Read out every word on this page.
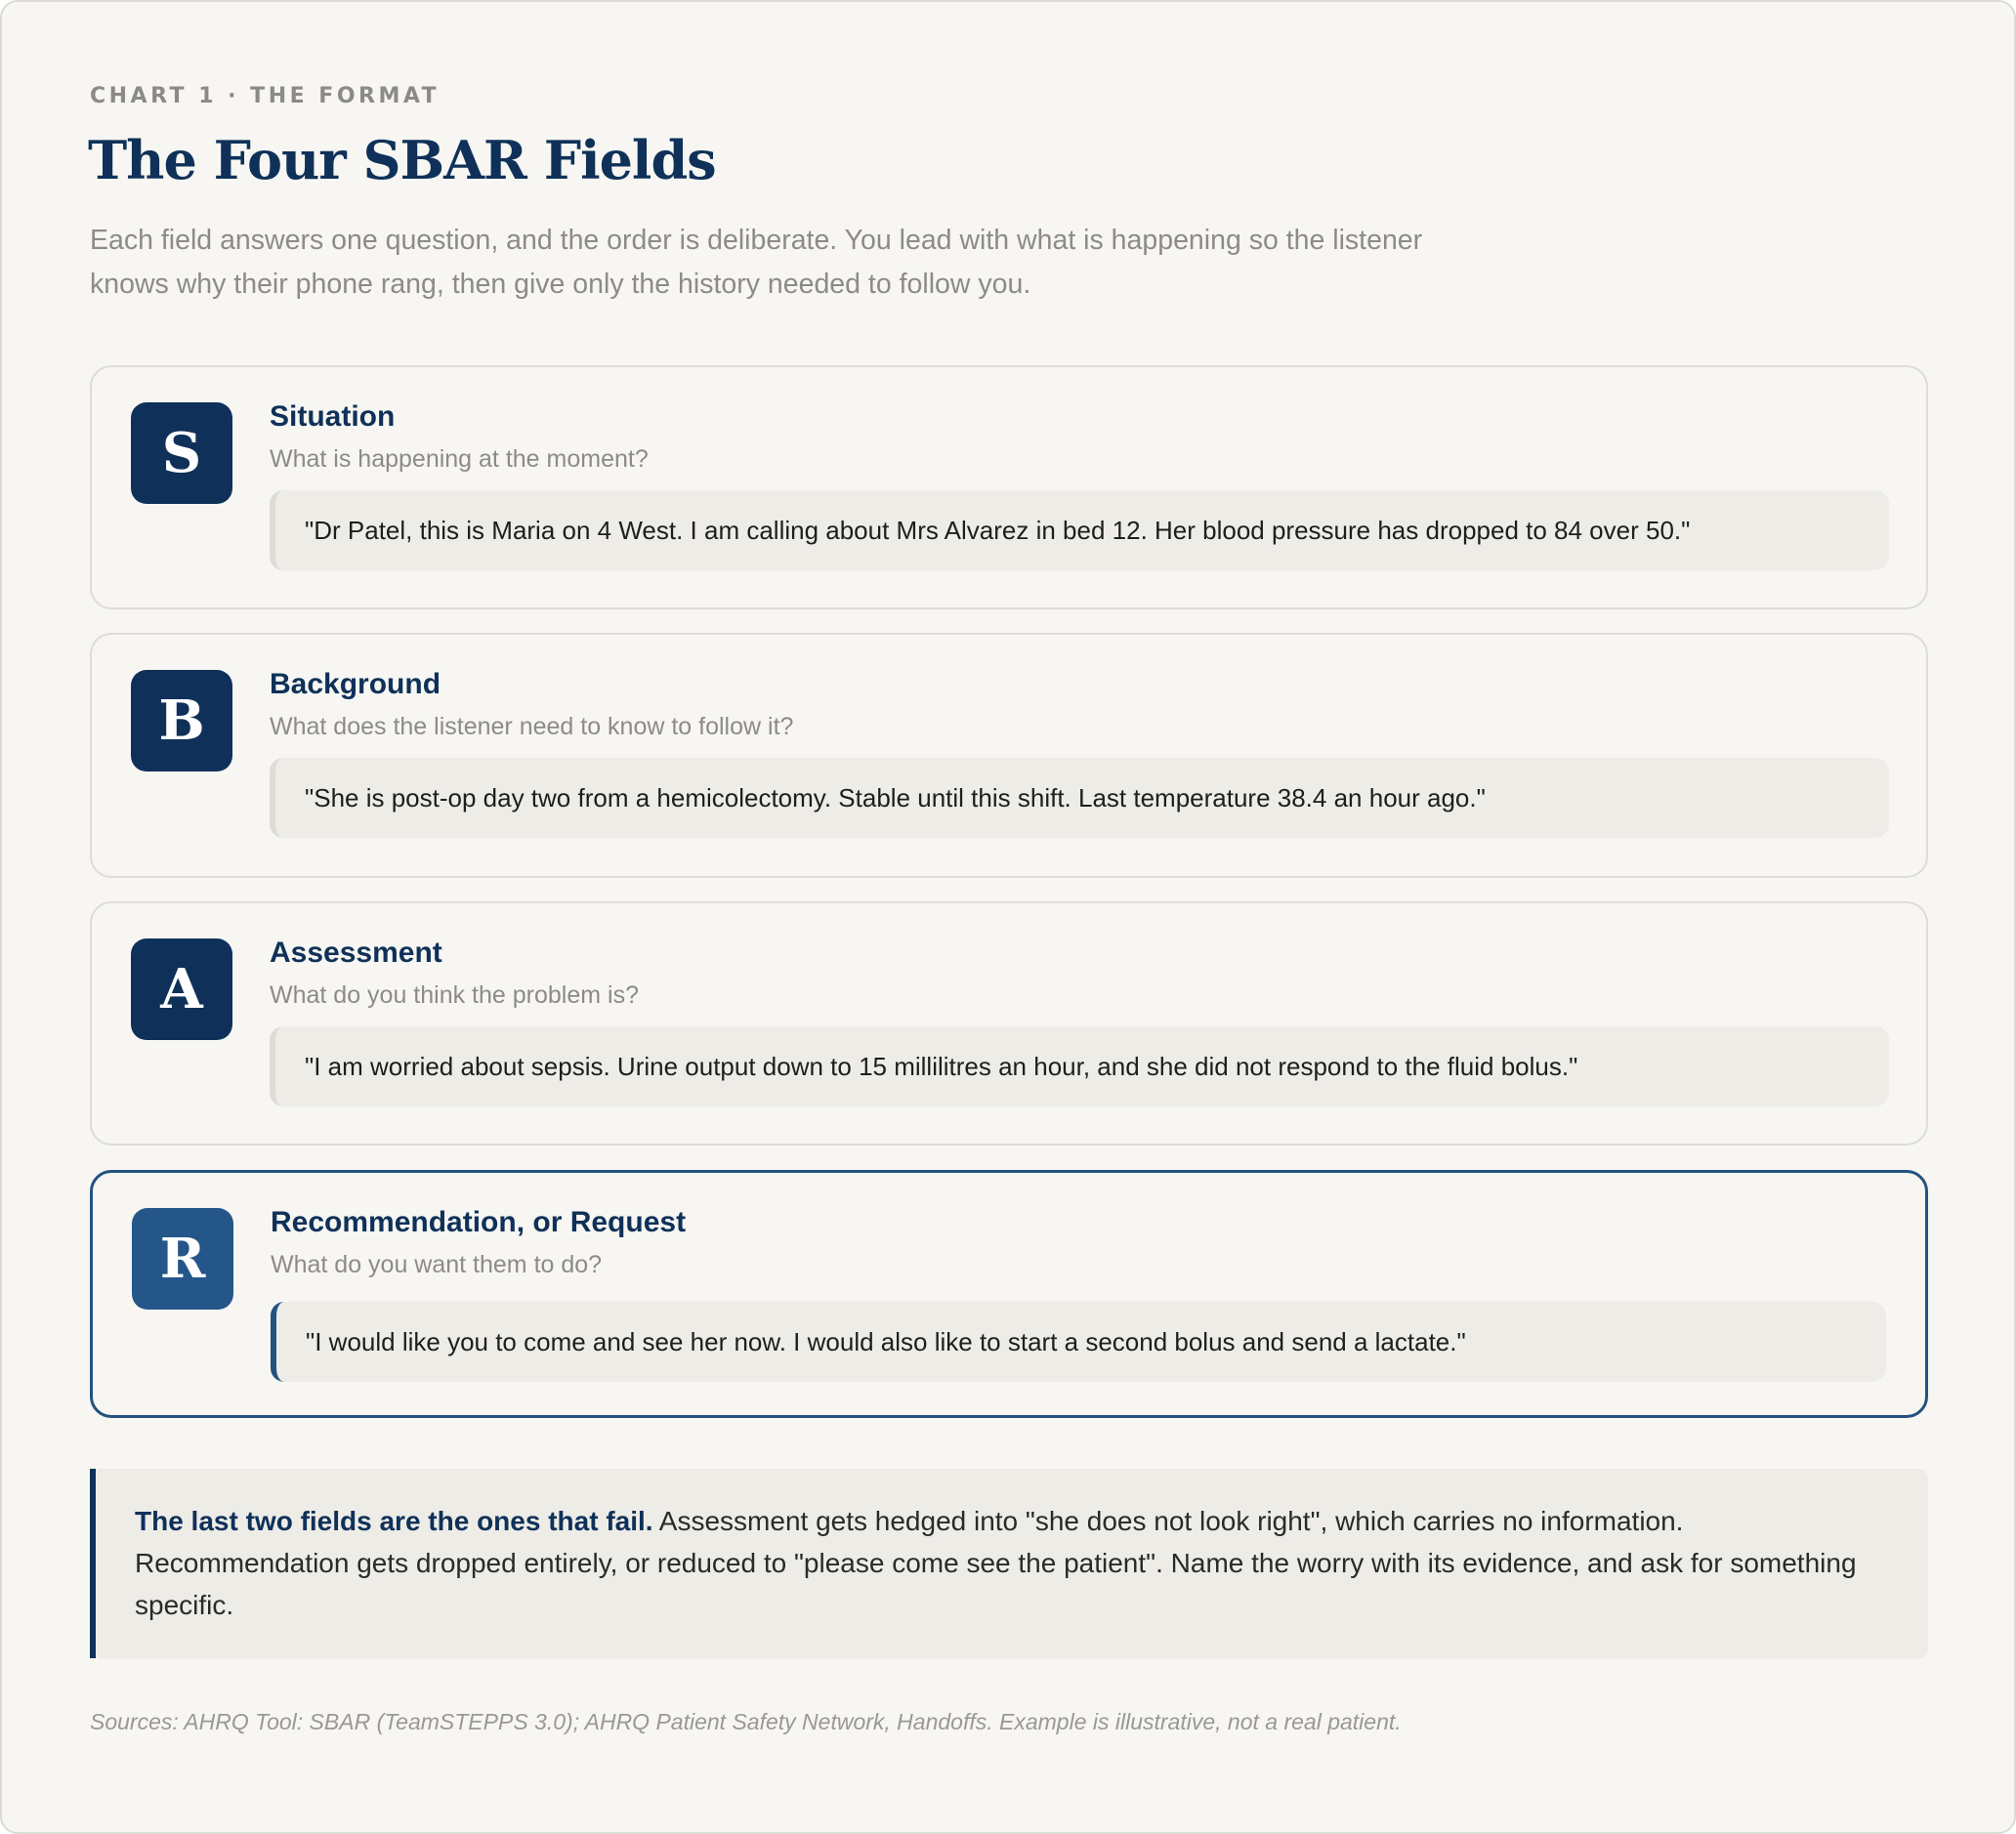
CHART 1 · THE FORMAT
The Four SBAR Fields
Each field answers one question, and the order is deliberate. You lead with what is happening so the listener knows why their phone rang, then give only the history needed to follow you.
S
Situation
What is happening at the moment?
"Dr Patel, this is Maria on 4 West. I am calling about Mrs Alvarez in bed 12. Her blood pressure has dropped to 84 over 50."
B
Background
What does the listener need to know to follow it?
"She is post-op day two from a hemicolectomy. Stable until this shift. Last temperature 38.4 an hour ago."
A
Assessment
What do you think the problem is?
"I am worried about sepsis. Urine output down to 15 millilitres an hour, and she did not respond to the fluid bolus."
R
Recommendation, or Request
What do you want them to do?
"I would like you to come and see her now. I would also like to start a second bolus and send a lactate."
The last two fields are the ones that fail. Assessment gets hedged into "she does not look right", which carries no information. Recommendation gets dropped entirely, or reduced to "please come see the patient". Name the worry with its evidence, and ask for something specific.
Sources: AHRQ Tool: SBAR (TeamSTEPPS 3.0); AHRQ Patient Safety Network, Handoffs. Example is illustrative, not a real patient.
